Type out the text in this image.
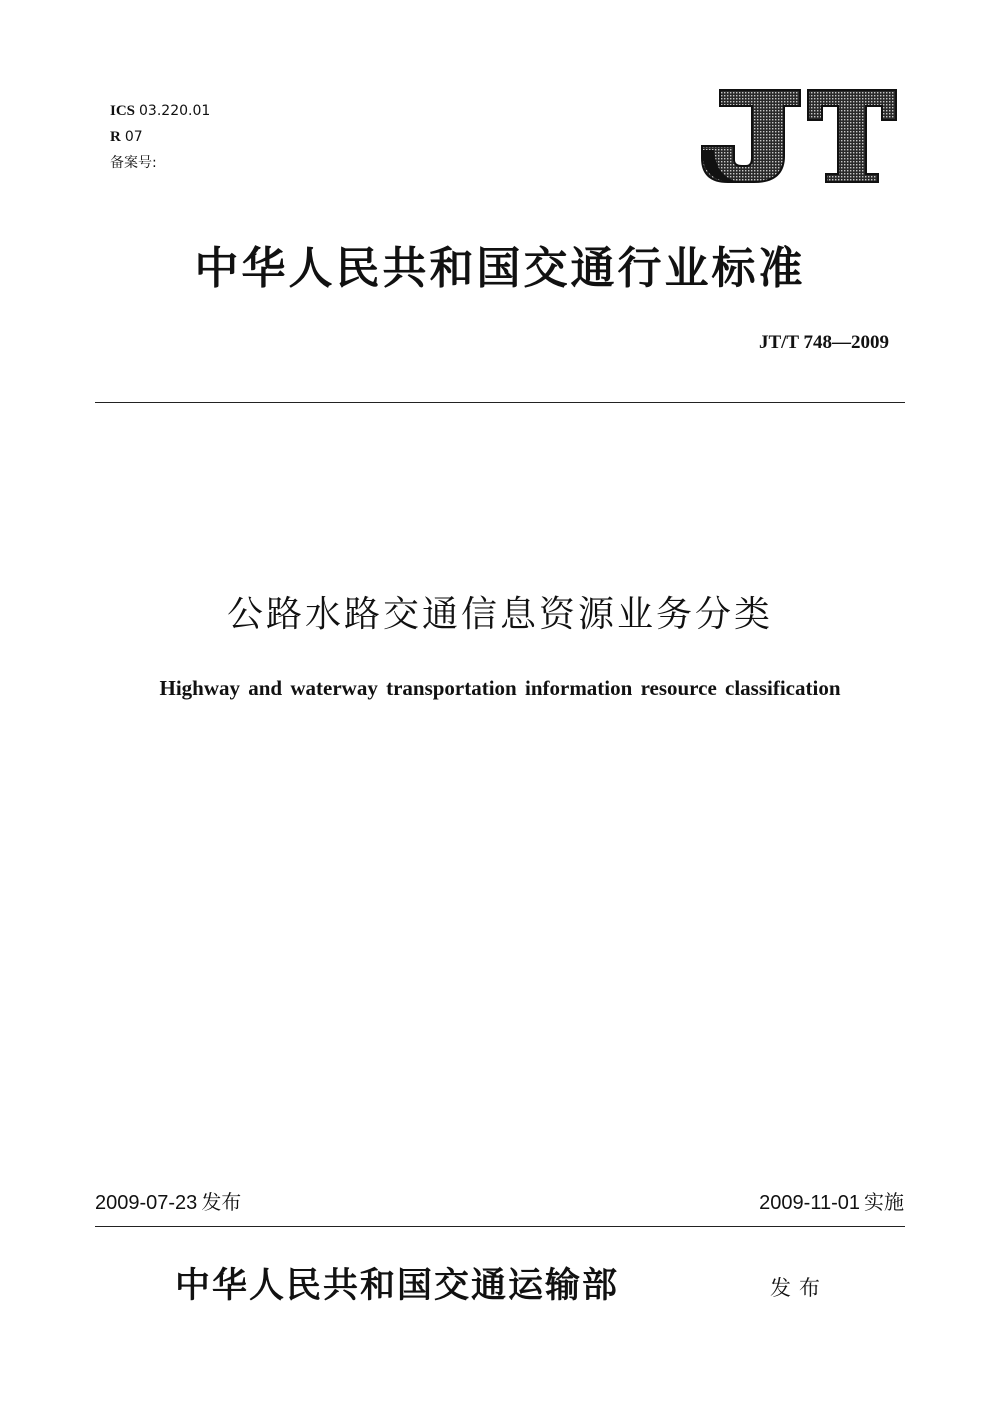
ICS 03.220.01
R 07
备案号:
中华人民共和国交通行业标准
JT/T 748—2009
公路水路交通信息资源业务分类
Highway and waterway transportation information resource classification
2009-07-23 发布	2009-11-01 实施
中华人民共和国交通运输部	发布
